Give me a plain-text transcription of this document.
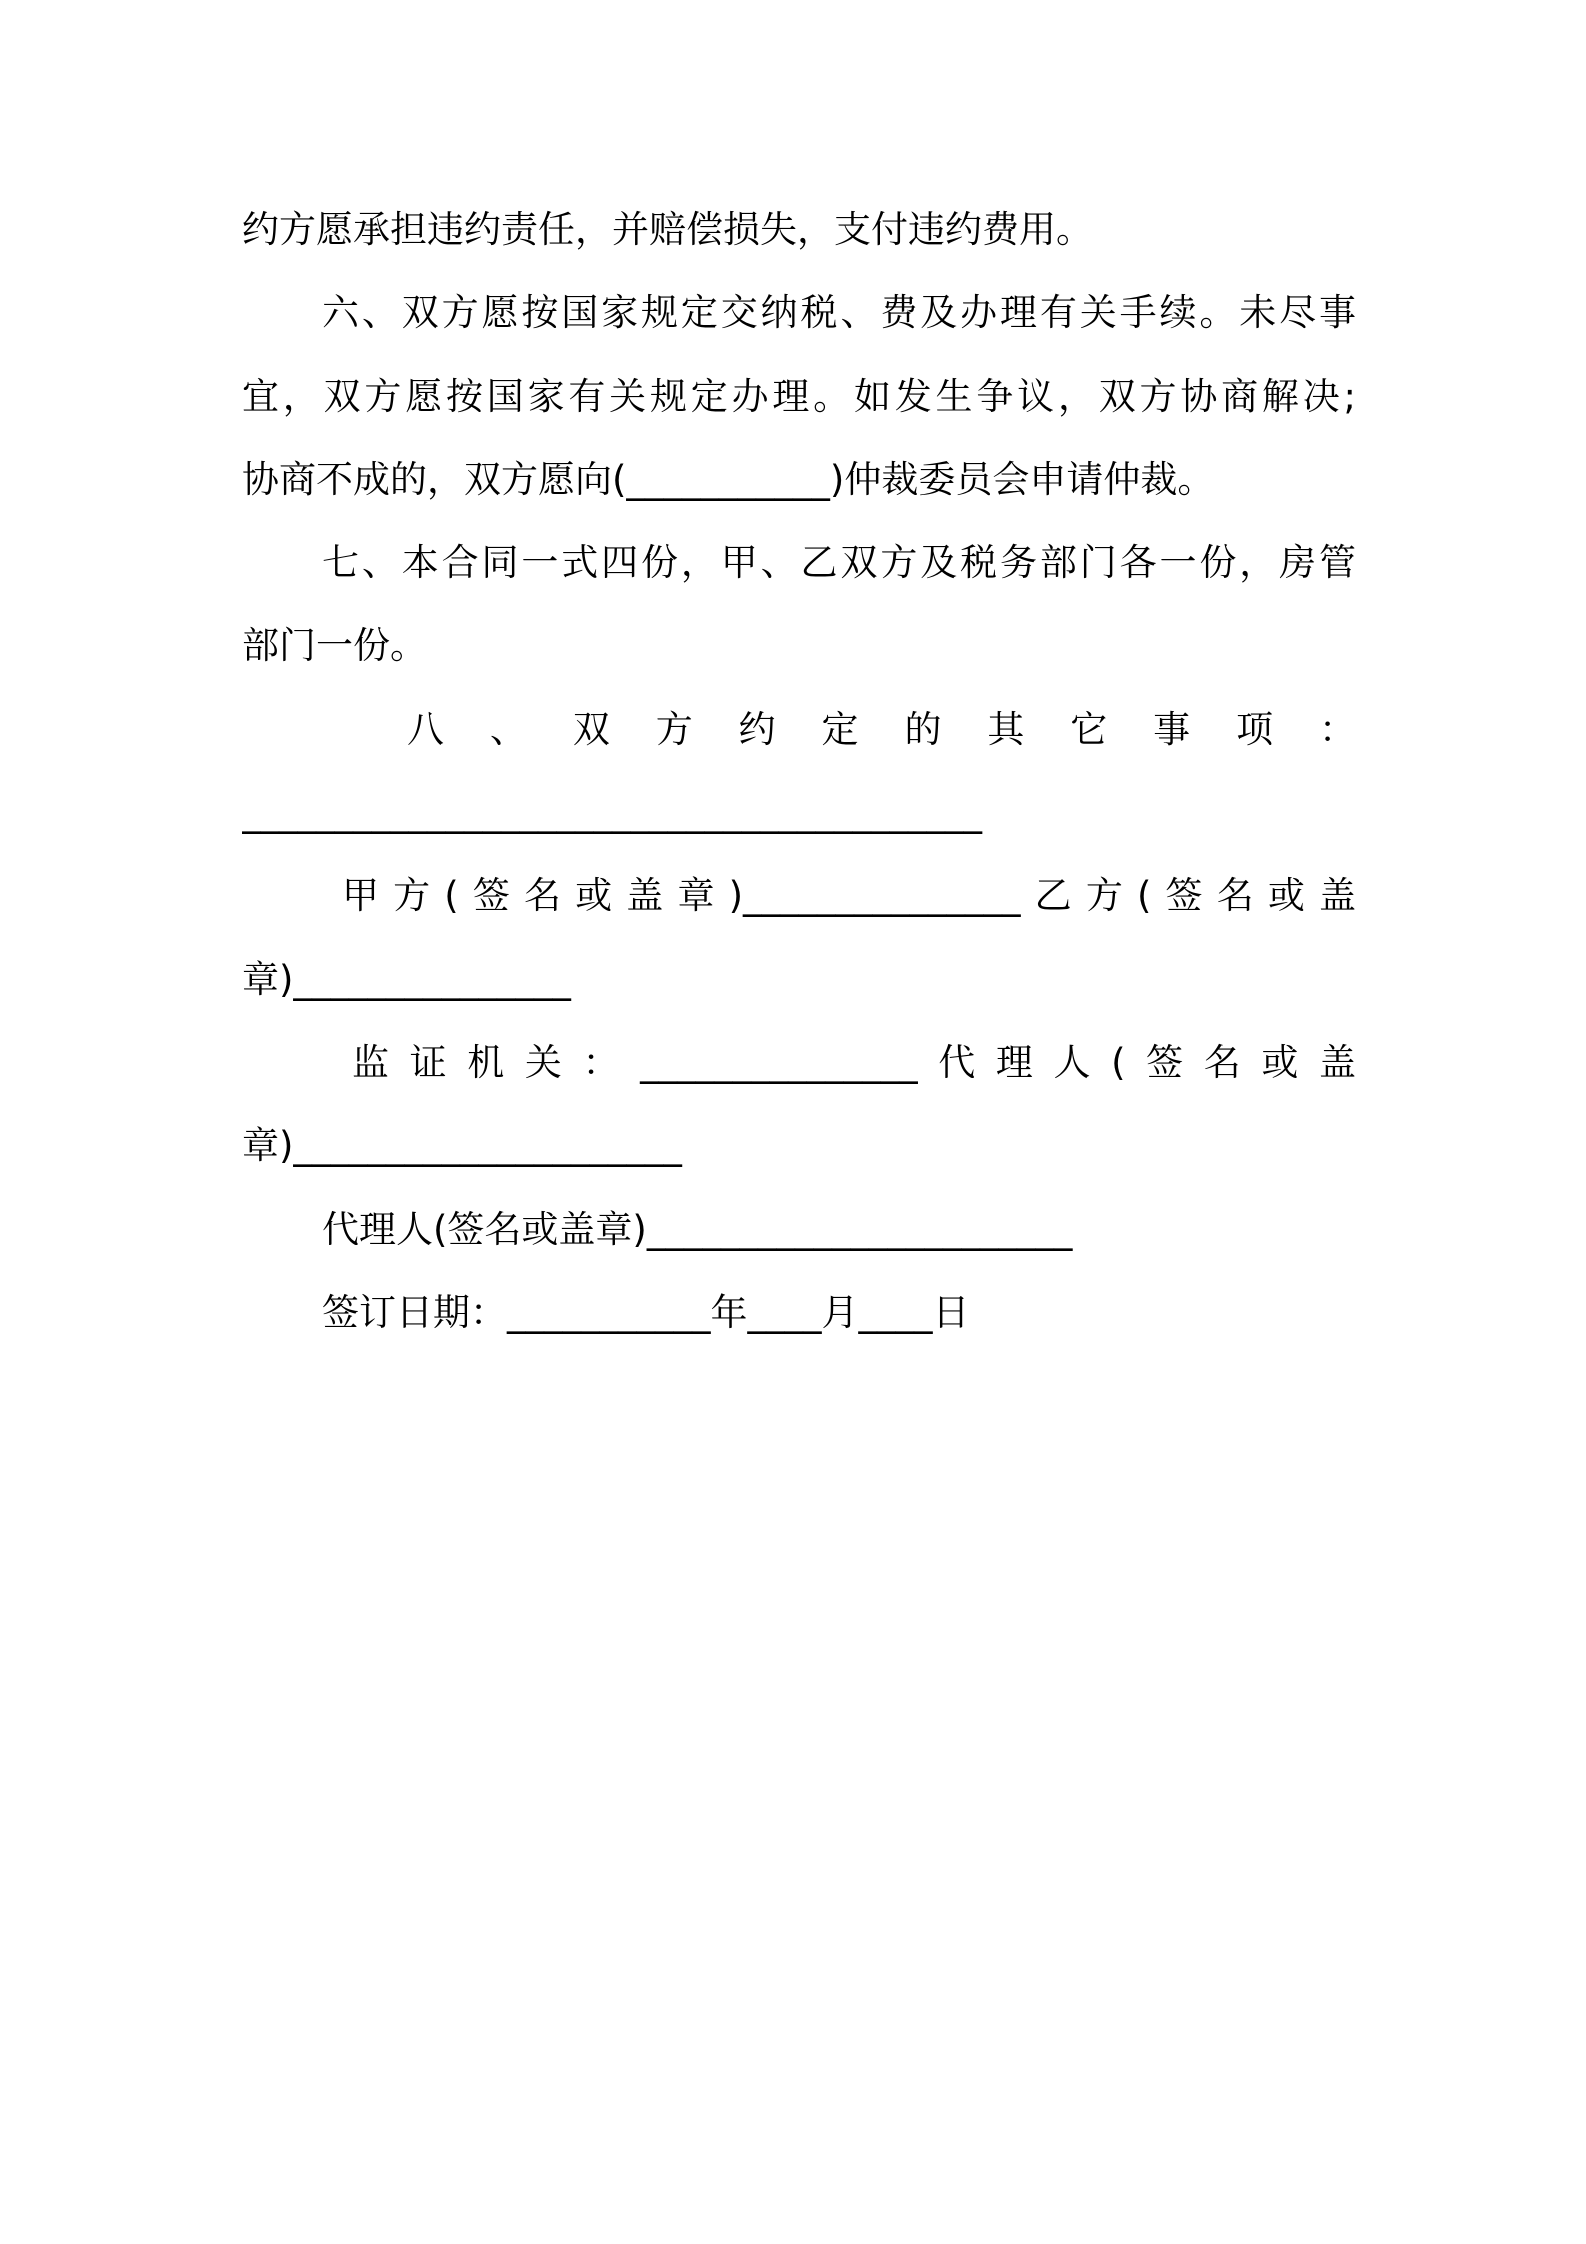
约方愿承担违约责任，并赔偿损失，支付违约费用。
六、双方愿按国家规定交纳税、费及办理有关手续。未尽事
宜，双方愿按国家有关规定办理。如发生争议，双方协商解决;
协商不成的，双方愿向(___________)仲裁委员会申请仲裁。
七、本合同一式四份，甲、乙双方及税务部门各一份，房管
部门一份。
八、双方约定的其它事项：
________________________________________
甲方(签名或盖章)_______________乙方(签名或盖
章)_______________
监证机关：_______________代理人(签名或盖
章)_____________________
代理人(签名或盖章)_______________________
签订日期：___________年____月____日
